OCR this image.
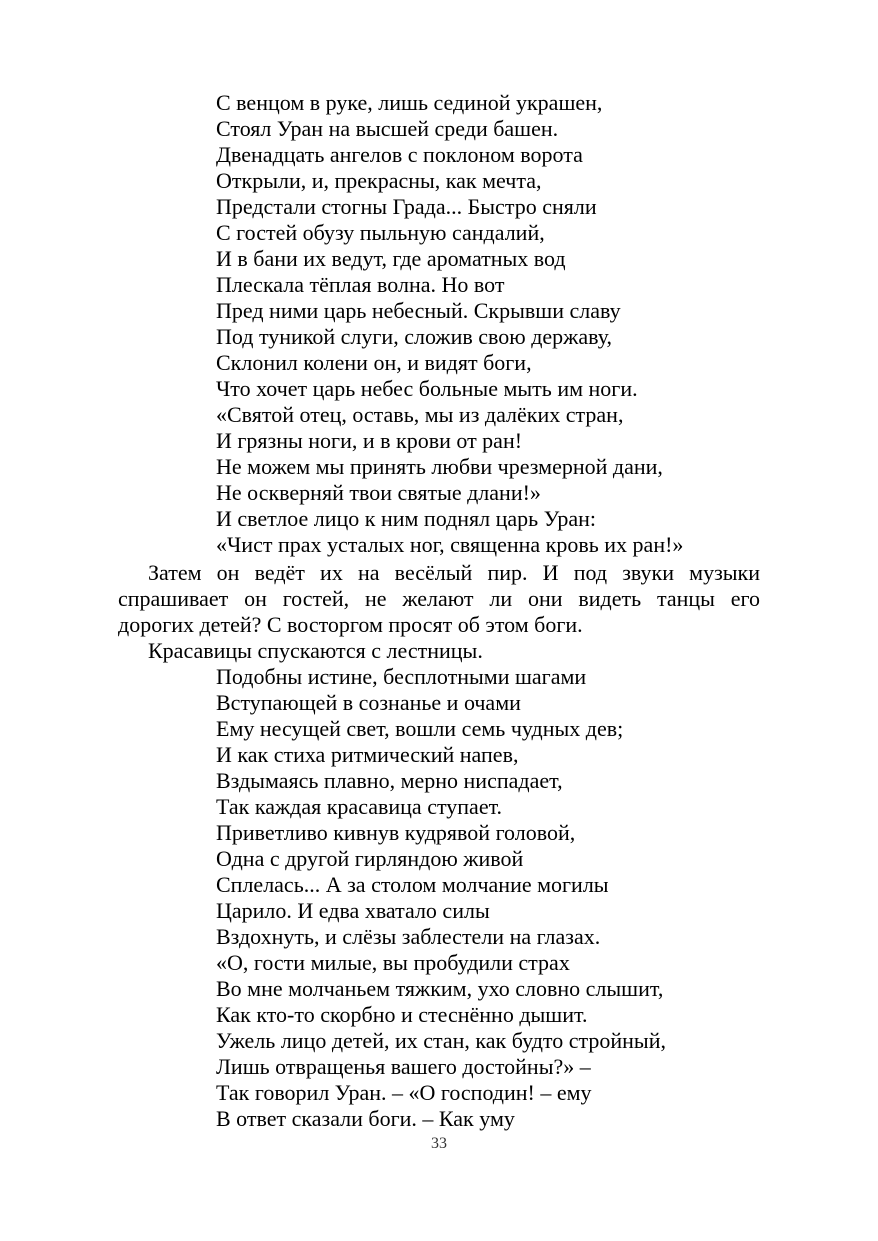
С венцом в руке, лишь сединой украшен,
Стоял Уран на высшей среди башен.
Двенадцать ангелов с поклоном ворота
Открыли, и, прекрасны, как мечта,
Предстали стогны Града... Быстро сняли
С гостей обузу пыльную сандалий,
И в бани их ведут, где ароматных вод
Плескала тёплая волна. Но вот
Пред ними царь небесный. Скрывши славу
Под туникой слуги, сложив свою державу,
Склонил колени он, и видят боги,
Что хочет царь небес больные мыть им ноги.
«Святой отец, оставь, мы из далёких стран,
И грязны ноги, и в крови от ран!
Не можем мы принять любви чрезмерной дани,
Не оскверняй твои святые длани!»
И светлое лицо к ним поднял царь Уран:
«Чист прах усталых ног, священна кровь их ран!»
Затем он ведёт их на весёлый пир. И под звуки музыки
спрашивает он гостей, не желают ли они видеть танцы его
дорогих детей? С восторгом просят об этом боги.
Красавицы спускаются с лестницы.
Подобны истине, бесплотными шагами
Вступающей в сознанье и очами
Ему несущей свет, вошли семь чудных дев;
И как стиха ритмический напев,
Вздымаясь плавно, мерно ниспадает,
Так каждая красавица ступает.
Приветливо кивнув кудрявой головой,
Одна с другой гирляндою живой
Сплелась... А за столом молчание могилы
Царило. И едва хватало силы
Вздохнуть, и слёзы заблестели на глазах.
«О, гости милые, вы пробудили страх
Во мне молчаньем тяжким, ухо словно слышит,
Как кто-то скорбно и стеснённо дышит.
Ужель лицо детей, их стан, как будто стройный,
Лишь отвращенья вашего достойны?» –
Так говорил Уран. – «О господин! – ему
В ответ сказали боги. – Как уму
33
